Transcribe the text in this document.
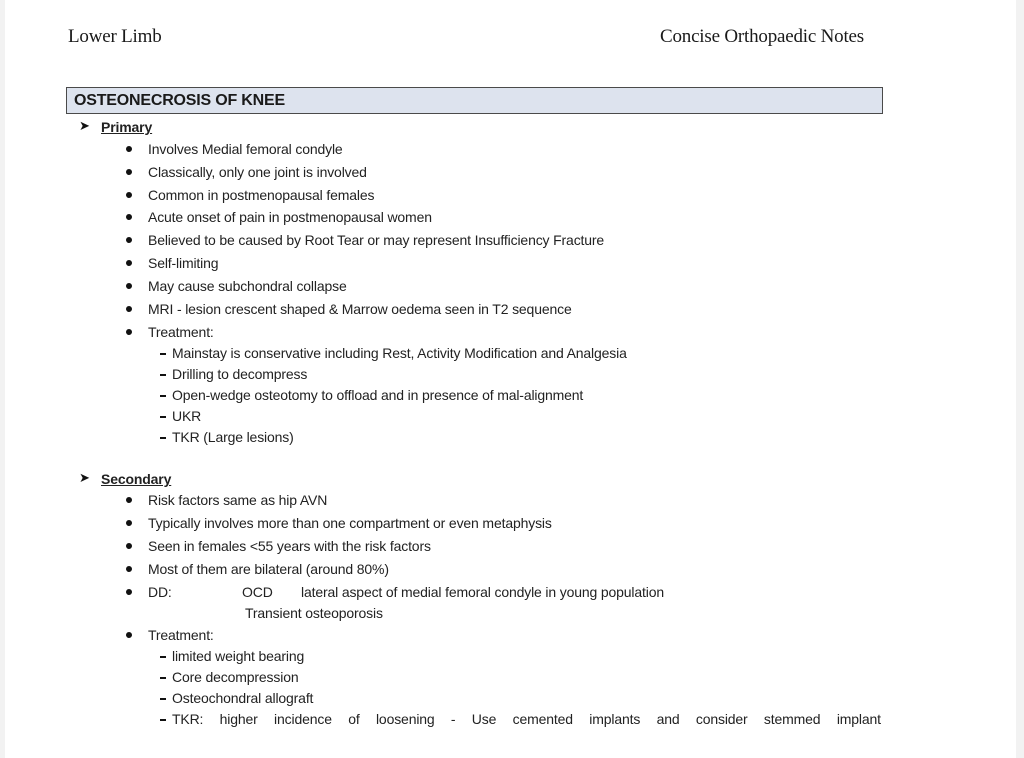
Lower Limb	Concise Orthopaedic Notes
OSTEONECROSIS OF KNEE
➤ Primary
Involves Medial femoral condyle
Classically, only one joint is involved
Common in postmenopausal females
Acute onset of pain in postmenopausal women
Believed to be caused by Root Tear or may represent Insufficiency Fracture
Self-limiting
May cause subchondral collapse
MRI - lesion crescent shaped & Marrow oedema seen in T2 sequence
Treatment:
Mainstay is conservative including Rest, Activity Modification and Analgesia
Drilling to decompress
Open-wedge osteotomy to offload and in presence of mal-alignment
UKR
TKR (Large lesions)
➤ Secondary
Risk factors same as hip AVN
Typically involves more than one compartment or even metaphysis
Seen in females <55 years with the risk factors
Most of them are bilateral (around 80%)
DD:	OCD lateral aspect of medial femoral condyle in young population
Transient osteoporosis
Treatment:
limited weight bearing
Core decompression
Osteochondral allograft
TKR: higher incidence of loosening - Use cemented implants and consider stemmed implant
